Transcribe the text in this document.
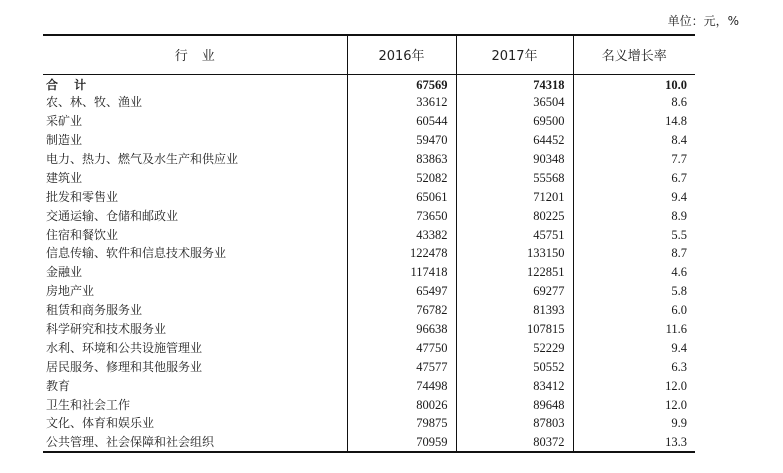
单位：元，%
行业	2016年	2017年	名义增长率
合 计	67569	74318	10.0
农、林、牧、渔业	33612	36504	8.6
采矿业	60544	69500	14.8
制造业	59470	64452	8.4
电力、热力、燃气及水生产和供应业	83863	90348	7.7
建筑业	52082	55568	6.7
批发和零售业	65061	71201	9.4
交通运输、仓储和邮政业	73650	80225	8.9
住宿和餐饮业	43382	45751	5.5
信息传输、软件和信息技术服务业	122478	133150	8.7
金融业	117418	122851	4.6
房地产业	65497	69277	5.8
租赁和商务服务业	76782	81393	6.0
科学研究和技术服务业	96638	107815	11.6
水利、环境和公共设施管理业	47750	52229	9.4
居民服务、修理和其他服务业	47577	50552	6.3
教育	74498	83412	12.0
卫生和社会工作	80026	89648	12.0
文化、体育和娱乐业	79875	87803	9.9
公共管理、社会保障和社会组织	70959	80372	13.3
